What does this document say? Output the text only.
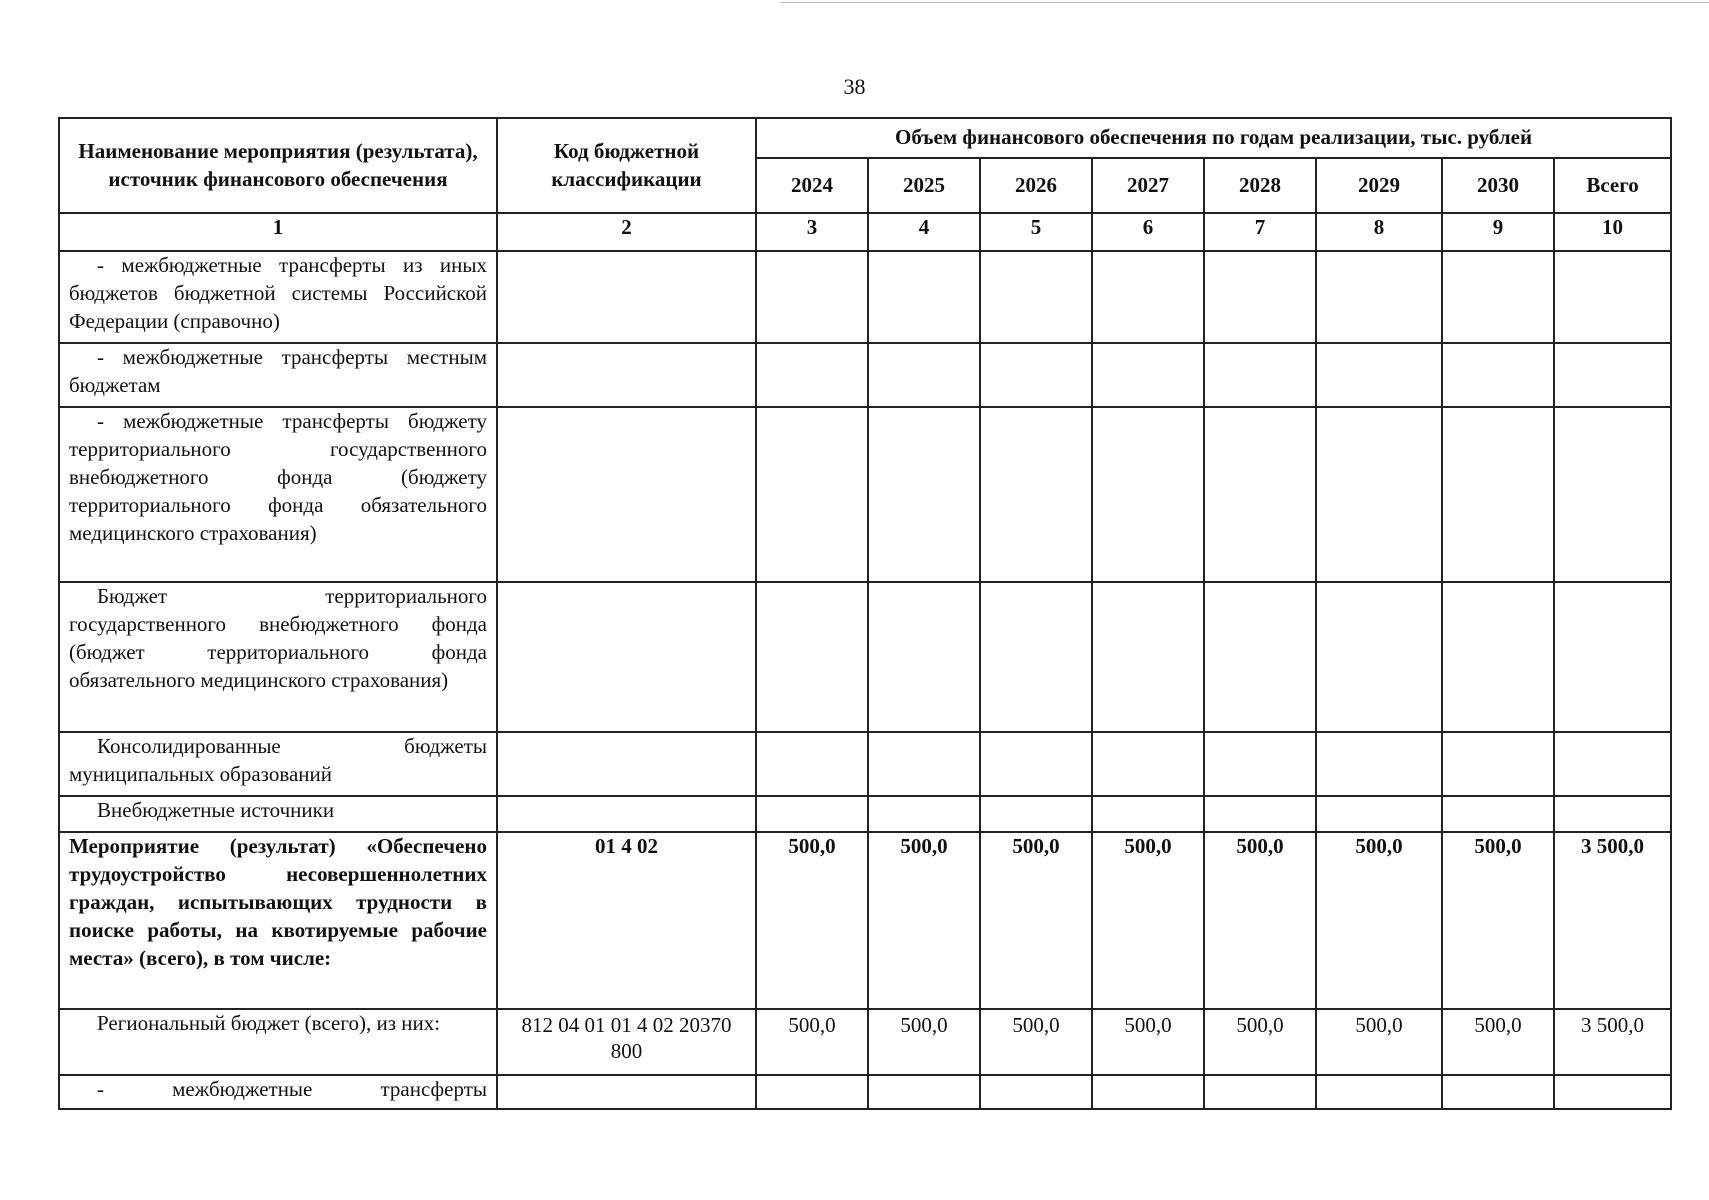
38
Наименование мероприятия (результата), источник финансового обеспечения	Код бюджетной классификации	Объем финансового обеспечения по годам реализации, тыс. рублей							
		2024	2025	2026	2027	2028	2029	2030	Всего
1	2	3	4	5	6	7	8	9	10
- межбюджетные трансферты из иных бюджетов бюджетной системы Российской Федерации (справочно)									
- межбюджетные трансферты местным бюджетам									
- межбюджетные трансферты бюджету территориального государственного внебюджетного фонда (бюджету территориального фонда обязательного медицинского страхования)									
Бюджет территориального государственного внебюджетного фонда (бюджет территориального фонда обязательного медицинского страхования)									
Консолидированные бюджеты муниципальных образований									
Внебюджетные источники									
Мероприятие (результат) «Обеспечено трудоустройство несовершеннолетних граждан, испытывающих трудности в поиске работы, на квотируемые рабочие места» (всего), в том числе:	01 4 02	500,0	500,0	500,0	500,0	500,0	500,0	500,0	3 500,0
Региональный бюджет (всего), из них:	812 04 01 01 4 02 20370 800	500,0	500,0	500,0	500,0	500,0	500,0	500,0	3 500,0
- межбюджетные трансферты									
